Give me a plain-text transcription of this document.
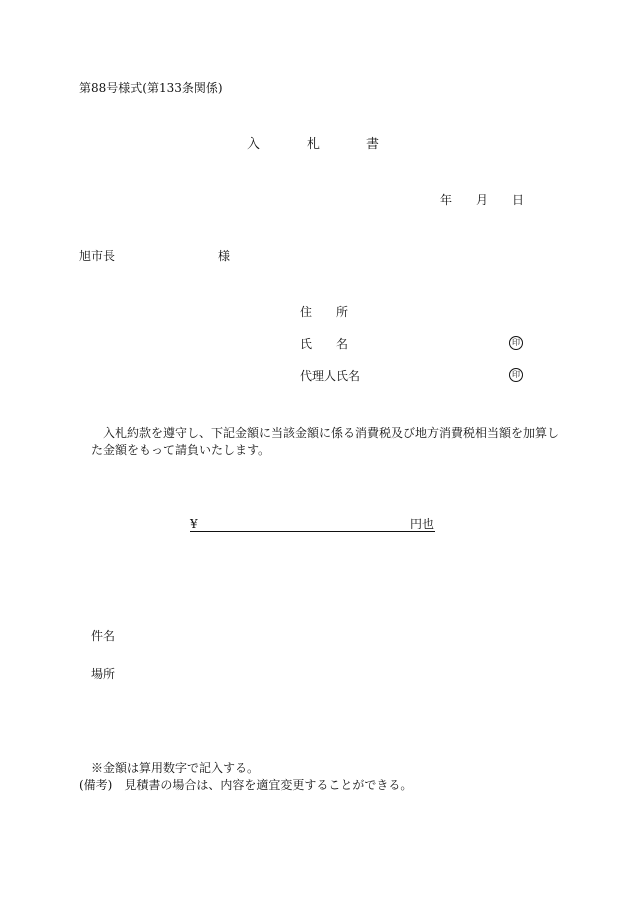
第88号様式(第133条関係)
入	札	書
年 月 日
旭市長	様
住 所
氏 名	印
代理人氏名	印
入札約款を遵守し、下記金額に当該金額に係る消費税及び地方消費税相当額を加算し
た金額をもって請負いたします。
¥	円也
件名
場所
※金額は算用数字で記入する。
(備考)　見積書の場合は、内容を適宜変更することができる。
